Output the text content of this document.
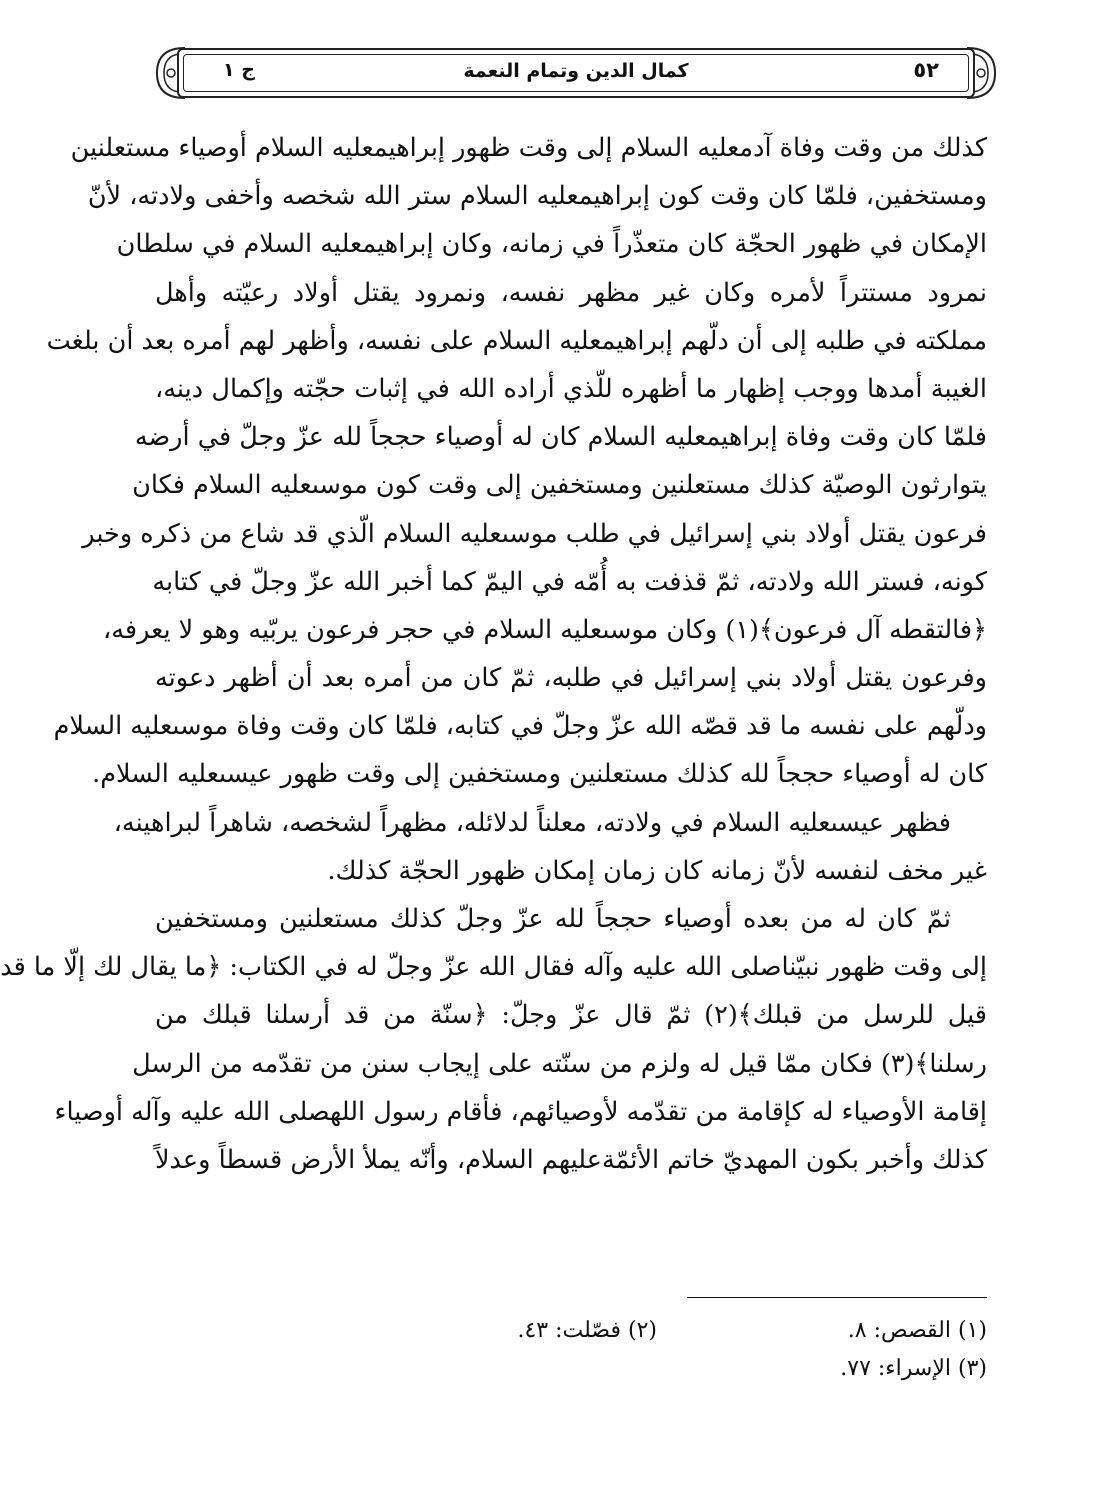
٥٢
كمال الدين وتمام النعمة
ج ١
كذلك من وقت وفاة آدمعليه السلام إلى وقت ظهور إبراهيمعليه السلام أوصياء مستعلنين
ومستخفين، فلمّا كان وقت كون إبراهيمعليه السلام ستر الله شخصه وأخفى ولادته، لأنّ
الإمكان في ظهور الحجّة كان متعذّراً في زمانه، وكان إبراهيمعليه السلام في سلطان
نمرود مستتراً لأمره وكان غير مظهر نفسه، ونمرود يقتل أولاد رعيّته وأهل
مملكته في طلبه إلى أن دلّهم إبراهيمعليه السلام على نفسه، وأظهر لهم أمره بعد أن بلغت
الغيبة أمدها ووجب إظهار ما أظهره للّذي أراده الله في إثبات حجّته وإكمال دينه،
فلمّا كان وقت وفاة إبراهيمعليه السلام كان له أوصياء حججاً لله عزّ وجلّ في أرضه
يتوارثون الوصيّة كذلك مستعلنين ومستخفين إلى وقت كون موسىعليه السلام فكان
فرعون يقتل أولاد بني إسرائيل في طلب موسىعليه السلام الّذي قد شاع من ذكره وخبر
كونه، فستر الله ولادته، ثمّ قذفت به أُمّه في اليمّ كما أخبر الله عزّ وجلّ في كتابه
﴿فالتقطه آل فرعون﴾(١) وكان موسىعليه السلام في حجر فرعون يربّيه وهو لا يعرفه،
وفرعون يقتل أولاد بني إسرائيل في طلبه، ثمّ كان من أمره بعد أن أظهر دعوته
ودلّهم على نفسه ما قد قصّه الله عزّ وجلّ في كتابه، فلمّا كان وقت وفاة موسىعليه السلام
كان له أوصياء حججاً لله كذلك مستعلنين ومستخفين إلى وقت ظهور عيسىعليه السلام.
فظهر عيسىعليه السلام في ولادته، معلناً لدلائله، مظهراً لشخصه، شاهراً لبراهينه،
غير مخف لنفسه لأنّ زمانه كان زمان إمكان ظهور الحجّة كذلك.
ثمّ كان له من بعده أوصياء حججاً لله عزّ وجلّ كذلك مستعلنين ومستخفين
إلى وقت ظهور نبيّناصلى الله عليه وآله فقال الله عزّ وجلّ له في الكتاب: ﴿ما يقال لك إلّا ما قد
قيل للرسل من قبلك﴾(٢) ثمّ قال عزّ وجلّ: ﴿سنّة من قد أرسلنا قبلك من
رسلنا﴾(٣) فكان ممّا قيل له ولزم من سنّته على إيجاب سنن من تقدّمه من الرسل
إقامة الأوصياء له كإقامة من تقدّمه لأوصيائهم، فأقام رسول اللهصلى الله عليه وآله أوصياء
كذلك وأخبر بكون المهديّ خاتم الأئمّةعليهم السلام، وأنّه يملأ الأرض قسطاً وعدلاً
(١) القصص: ٨.
(٢) فصّلت: ٤٣.
(٣) الإسراء: ٧٧.
